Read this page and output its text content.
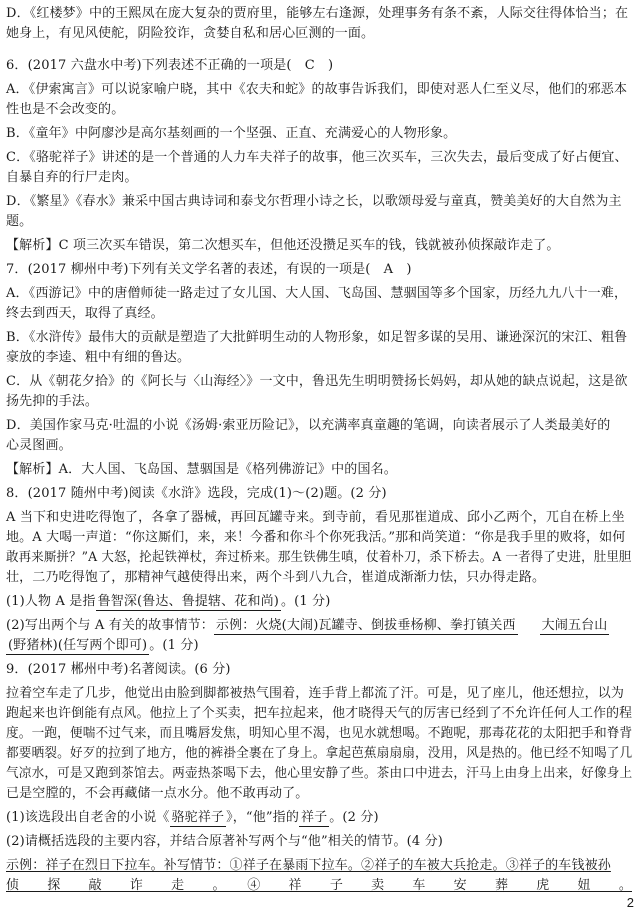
D．《红楼梦》中的王熙凤在庞大复杂的贾府里，能够左右逢源，处理事务有条不紊，人际交往得体恰当；在
她身上，有见风使舵，阴险狡诈，贪婪自私和居心叵测的一面。
6．(2017 六盘水中考)下列表述不正确的一项是(　C　)
A．《伊索寓言》可以说家喻户晓，其中《农夫和蛇》的故事告诉我们，即使对恶人仁至义尽，他们的邪恶本
性也是不会改变的。
B．《童年》中阿廖沙是高尔基刻画的一个坚强、正直、充满爱心的人物形象。
C．《骆驼祥子》讲述的是一个普通的人力车夫祥子的故事，他三次买车，三次失去，最后变成了好占便宜、
自暴自弃的行尸走肉。
D．《繁星》《春水》兼采中国古典诗词和泰戈尔哲理小诗之长，以歌颂母爱与童真，赞美美好的大自然为主
题。
【解析】C 项三次买车错误，第二次想买车，但他还没攒足买车的钱，钱就被孙侦探敲诈走了。
7．(2017 柳州中考)下列有关文学名著的表述，有误的一项是(　A　)
A．《西游记》中的唐僧师徒一路走过了女儿国、大人国、飞岛国、慧骃国等多个国家，历经九九八十一难，
终去到西天，取得了真经。
B．《水浒传》最伟大的贡献是塑造了大批鲜明生动的人物形象，如足智多谋的吴用、谦逊深沉的宋江、粗鲁
豪放的李逵、粗中有细的鲁达。
C．从《朝花夕拾》的《阿长与〈山海经〉》一文中，鲁迅先生明明赞扬长妈妈，却从她的缺点说起，这是欲
扬先抑的手法。
D．美国作家马克·吐温的小说《汤姆·索亚历险记》，以充满率真童趣的笔调，向读者展示了人类最美好的
心灵图画。
【解析】A．大人国、飞岛国、慧骃国是《格列佛游记》中的国名。
8．(2017 随州中考)阅读《水浒》选段，完成(1)～(2)题。(2 分)
A 当下和史进吃得饱了，各拿了器械，再回瓦罐寺来。到寺前，看见那崔道成、邱小乙两个，兀自在桥上坐
地。A 大喝一声道：“你这厮们，来，来！今番和你斗个你死我活。”那和尚笑道：“你是我手里的败将，如何
敢再来厮拼？”A 大怒，抡起铁禅杖，奔过桥来。那生铁佛生嗔，仗着朴刀，杀下桥去。A 一者得了史进，肚里胆
壮，二乃吃得饱了，那精神气越使得出来，两个斗到八九合，崔道成渐渐力怯，只办得走路。
(1)人物 A 是指 鲁智深(鲁达、鲁提辖、花和尚) 。(1 分)
(2)写出两个与 A 有关的故事情节： 示例：火烧(大闹)瓦罐寺、倒拔垂杨柳、拳打镇关西 大闹五台山
(野猪林)(任写两个即可) 。(1 分)
9．(2017 郴州中考)名著阅读。(6 分)
拉着空车走了几步，他觉出由脸到脚都被热气围着，连手背上都流了汗。可是，见了座儿，他还想拉，以为
跑起来也许倒能有点风。他拉上了个买卖，把车拉起来，他才晓得天气的厉害已经到了不允许任何人工作的程
度。一跑，便喘不过气来，而且嘴唇发焦，明知心里不渴，也见水就想喝。不跑呢，那毒花花的太阳把手和脊背
都要晒裂。好歹的拉到了地方，他的裤褂全裹在了身上。拿起芭蕉扇扇扇，没用，风是热的。他已经不知喝了几
气凉水，可是又跑到茶馆去。两壶热茶喝下去，他心里安静了些。茶由口中进去，汗马上由身上出来，好像身上
已是空膛的，不会再藏储一点水分。他不敢再动了。
(1)该选段出自老舍的小说《 骆驼祥子 》，“他”指的 祥子 。(2 分)
(2)请概括选段的主要内容，并结合原著补写两个与“他”相关的情节。(4 分)
示例：祥子在烈日下拉车。补写情节：①祥子在暴雨下拉车。②祥子的车被大兵抢走。③祥子的车钱被孙
侦　探　敲　诈　走　。　④　祥　子　卖　车　安　葬　虎　妞　。
2
